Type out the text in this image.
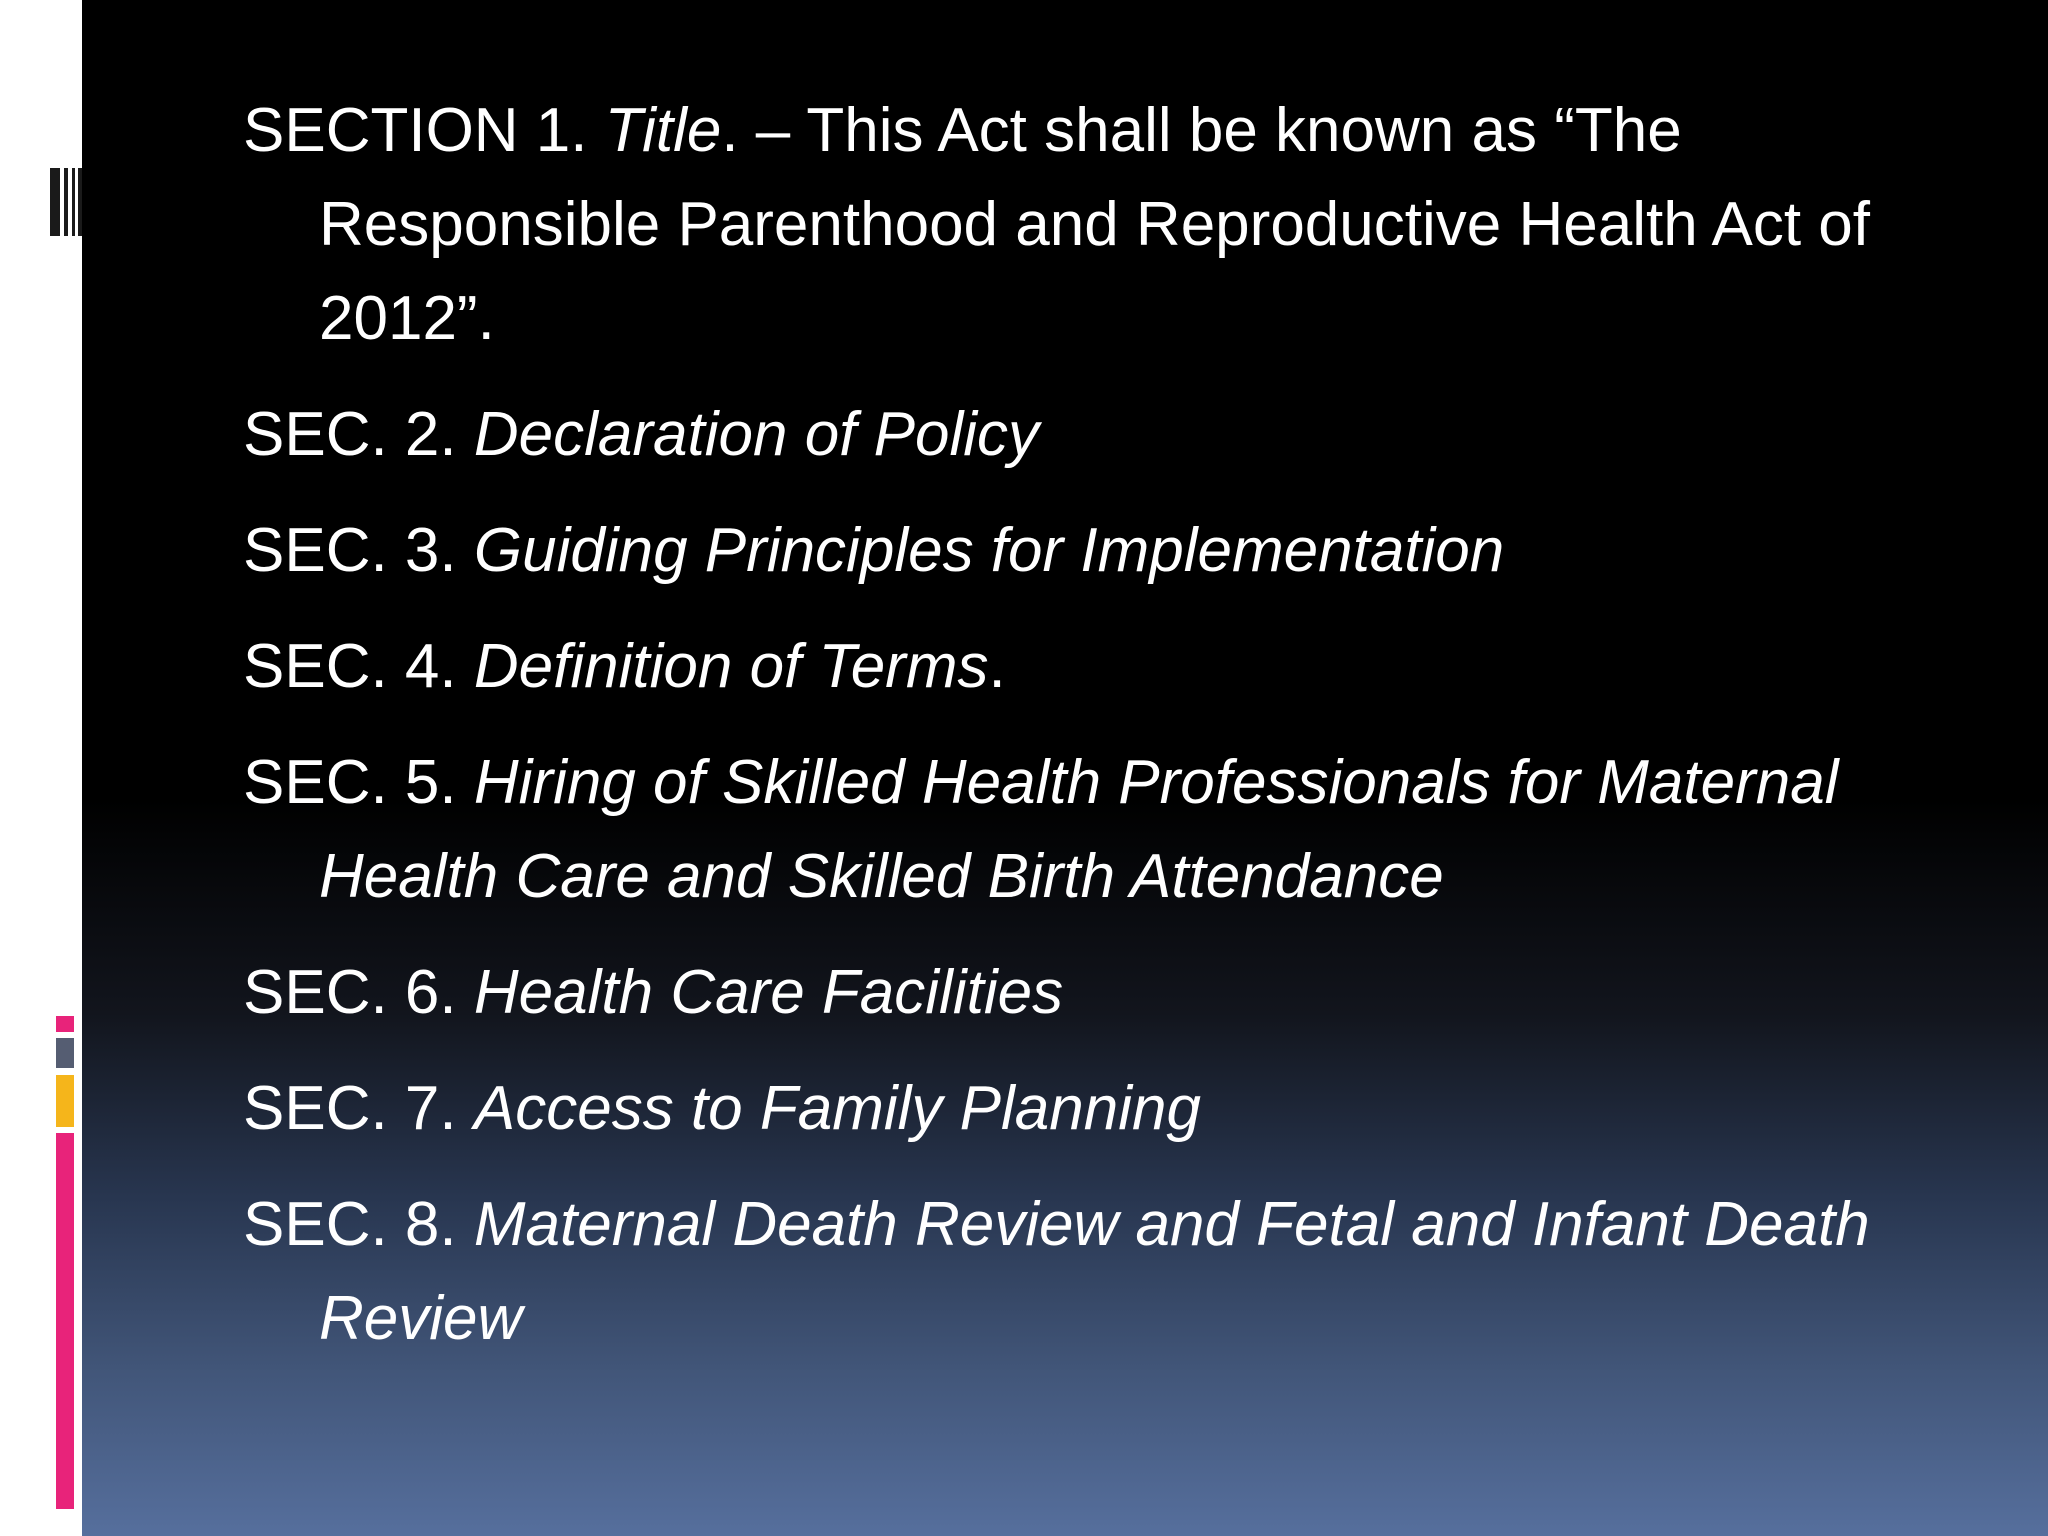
SECTION 1. Title. – This Act shall be known as “The Responsible Parenthood and Reproductive Health Act of 2012”.

SEC. 2. Declaration of Policy

SEC. 3. Guiding Principles for Implementation

SEC. 4. Definition of Terms.

SEC. 5. Hiring of Skilled Health Professionals for Maternal Health Care and Skilled Birth Attendance

SEC. 6. Health Care Facilities

SEC. 7. Access to Family Planning

SEC. 8. Maternal Death Review and Fetal and Infant Death Review
